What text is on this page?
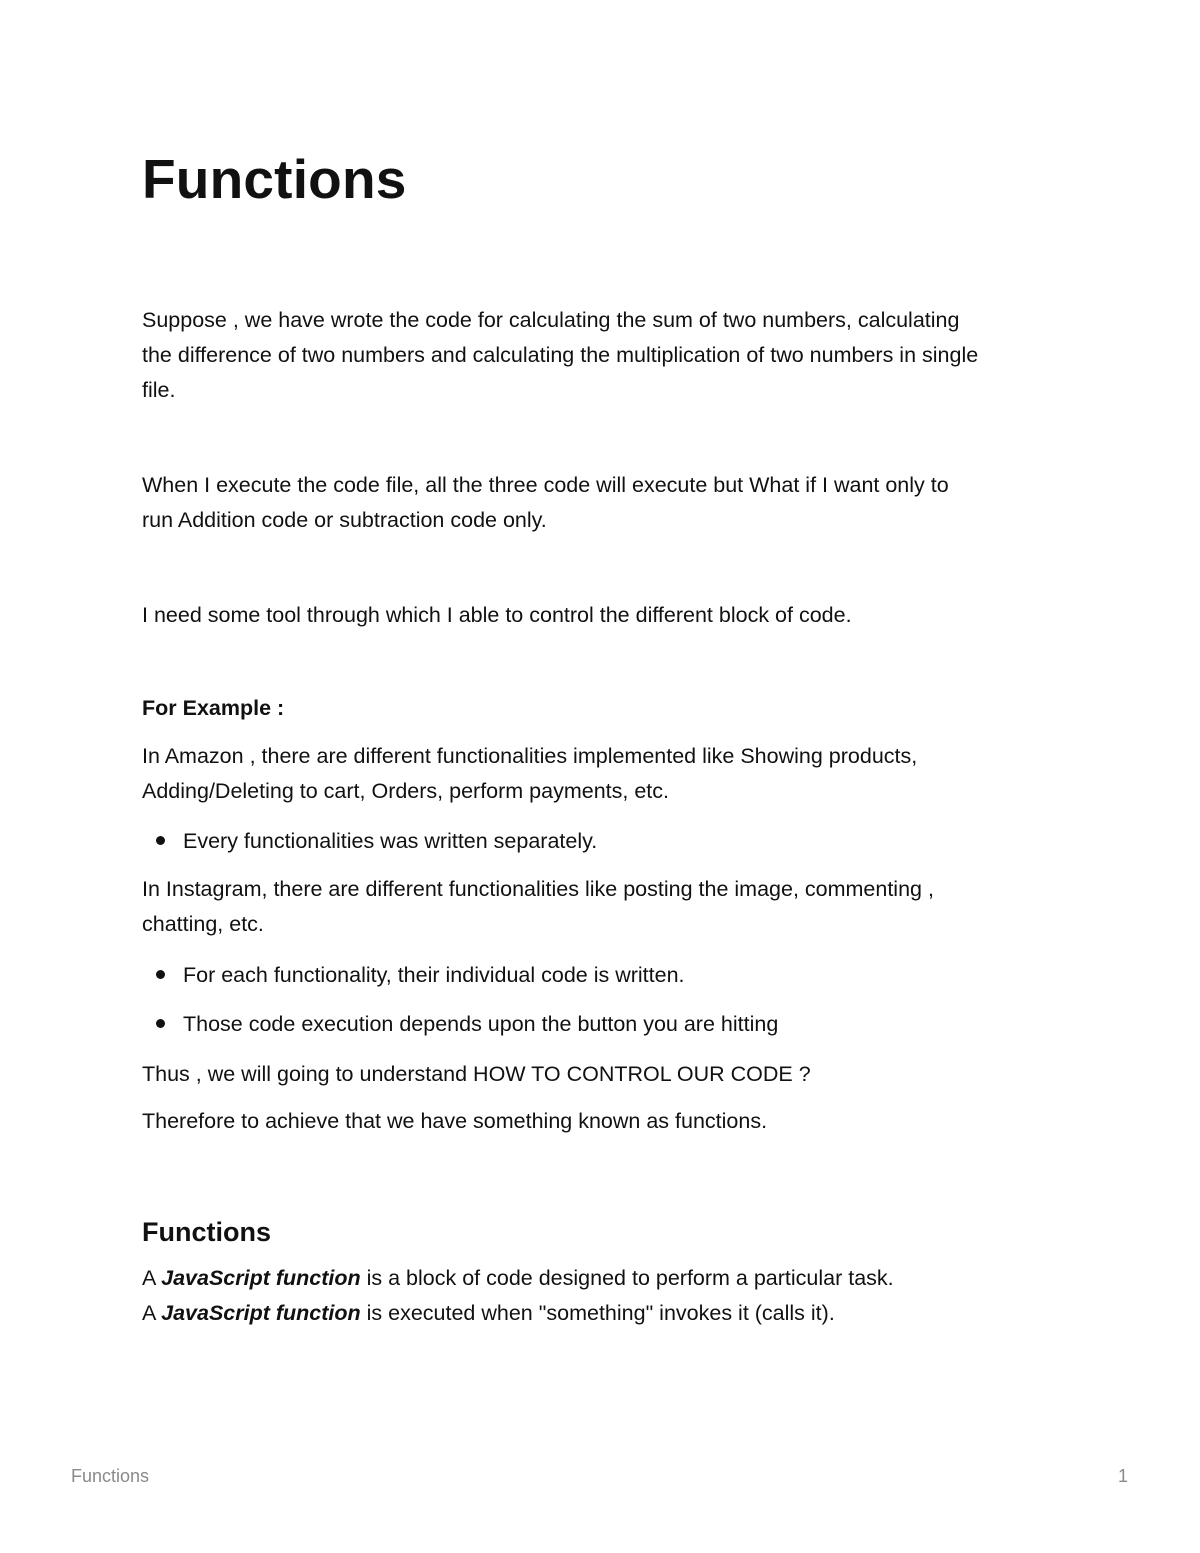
Functions

Suppose , we have wrote the code for calculating the sum of two numbers, calculating
the difference of two numbers and calculating the multiplication of two numbers in single
file.

When I execute the code file, all the three code will execute but What if I want only to
run Addition code or subtraction code only.

I need some tool through which I able to control the different block of code.

For Example :

In Amazon , there are different functionalities implemented like Showing products,
Adding/Deleting to cart, Orders, perform payments, etc.

Every functionalities was written separately.

In Instagram, there are different functionalities like posting the image, commenting ,
chatting, etc.

For each functionality, their individual code is written.
Those code execution depends upon the button you are hitting

Thus , we will going to understand HOW TO CONTROL OUR CODE ?

Therefore to achieve that we have something known as functions.

Functions

A JavaScript function is a block of code designed to perform a particular task.

A JavaScript function is executed when "something" invokes it (calls it).

Functions	1
